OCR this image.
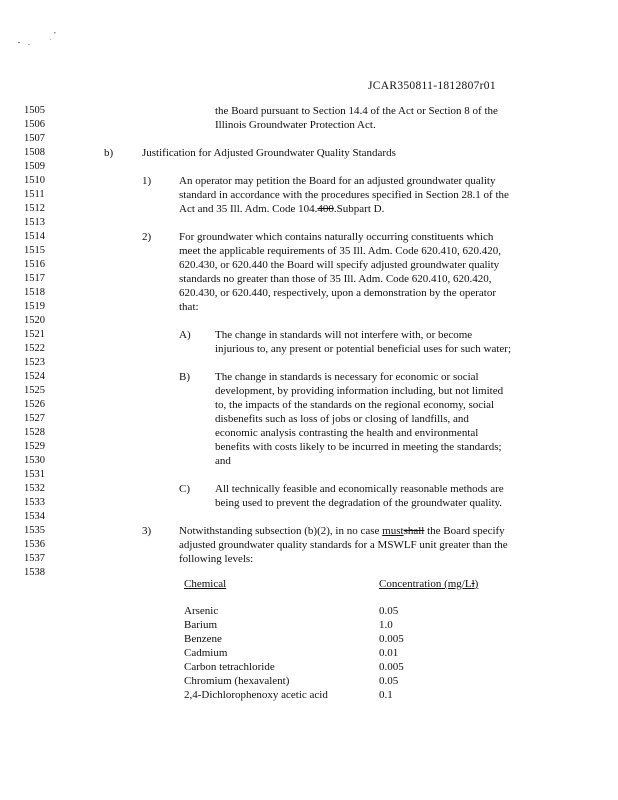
JCAR350811-1812807r01
1505
1506
1507
1508
1509
1510
1511
1512
1513
1514
1515
1516
1517
1518
1519
1520
1521
1522
1523
1524
1525
1526
1527
1528
1529
1530
1531
1532
1533
1534
1535
1536
1537
1538
the Board pursuant to Section 14.4 of the Act or Section 8 of the
Illinois Groundwater Protection Act.
b)	Justification for Adjusted Groundwater Quality Standards
1)	An operator may petition the Board for an adjusted groundwater quality
standard in accordance with the procedures specified in Section 28.1 of the
Act and 35 Ill. Adm. Code 104.400.Subpart D.
2)	For groundwater which contains naturally occurring constituents which
meet the applicable requirements of 35 Ill. Adm. Code 620.410, 620.420,
620.430, or 620.440 the Board will specify adjusted groundwater quality
standards no greater than those of 35 Ill. Adm. Code 620.410, 620.420,
620.430, or 620.440, respectively, upon a demonstration by the operator
that:
A) The change in standards will not interfere with, or become
injurious to, any present or potential beneficial uses for such water;
B) The change in standards is necessary for economic or social
development, by providing information including, but not limited
to, the impacts of the standards on the regional economy, social
disbenefits such as loss of jobs or closing of landfills, and
economic analysis contrasting the health and environmental
benefits with costs likely to be incurred in meeting the standards;
and
C) All technically feasible and economically reasonable methods are
being used to prevent the degradation of the groundwater quality.
3)	Notwithstanding subsection (b)(2), in no case mustshall the Board specify
adjusted groundwater quality standards for a MSWLF unit greater than the
following levels:
Chemical	Concentration (mg/Ll)
Arsenic	0.05
Barium	1.0
Benzene	0.005
Cadmium	0.01
Carbon tetrachloride	0.005
Chromium (hexavalent)	0.05
2,4-Dichlorophenoxy acetic acid	0.1
